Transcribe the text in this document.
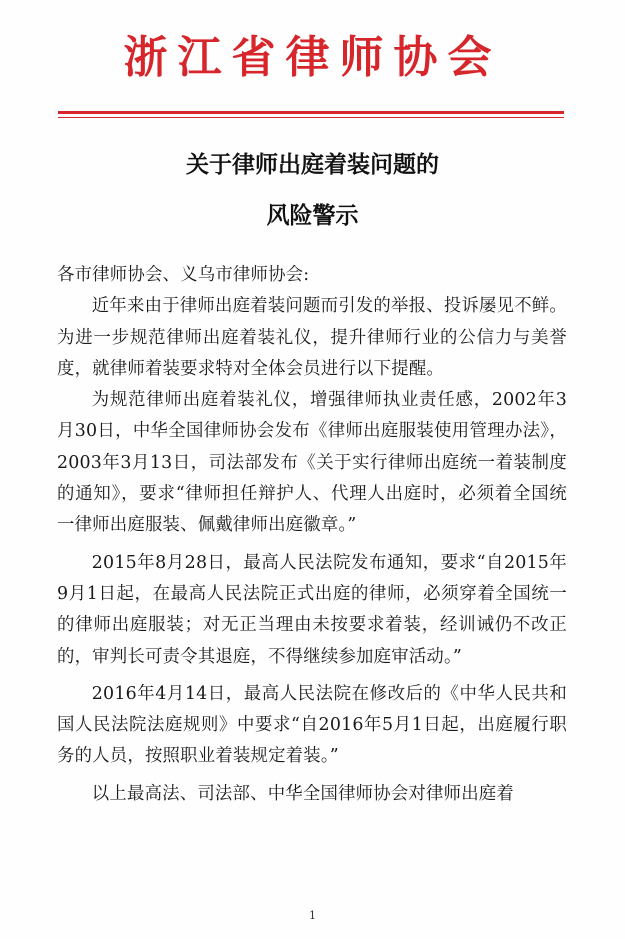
浙江省律师协会
关于律师出庭着装问题的
风险警示

各市律师协会、义乌市律师协会:

近年来由于律师出庭着装问题而引发的举报、投诉屡见不鲜。为进一步规范律师出庭着装礼仪，提升律师行业的公信力与美誉度，就律师着装要求特对全体会员进行以下提醒。

为规范律师出庭着装礼仪，增强律师执业责任感，2002年3月30日，中华全国律师协会发布《律师出庭服装使用管理办法》，2003年3月13日，司法部发布《关于实行律师出庭统一着装制度的通知》，要求“律师担任辩护人、代理人出庭时，必须着全国统一律师出庭服装、佩戴律师出庭徽章。”

2015年8月28日，最高人民法院发布通知，要求“自2015年9月1日起，在最高人民法院正式出庭的律师，必须穿着全国统一的律师出庭服装；对无正当理由未按要求着装，经训诫仍不改正的，审判长可责令其退庭，不得继续参加庭审活动。”

2016年4月14日，最高人民法院在修改后的《中华人民共和国人民法院法庭规则》中要求“自2016年5月1日起，出庭履行职务的人员，按照职业着装规定着装。”

以上最高法、司法部、中华全国律师协会对律师出庭着

1
